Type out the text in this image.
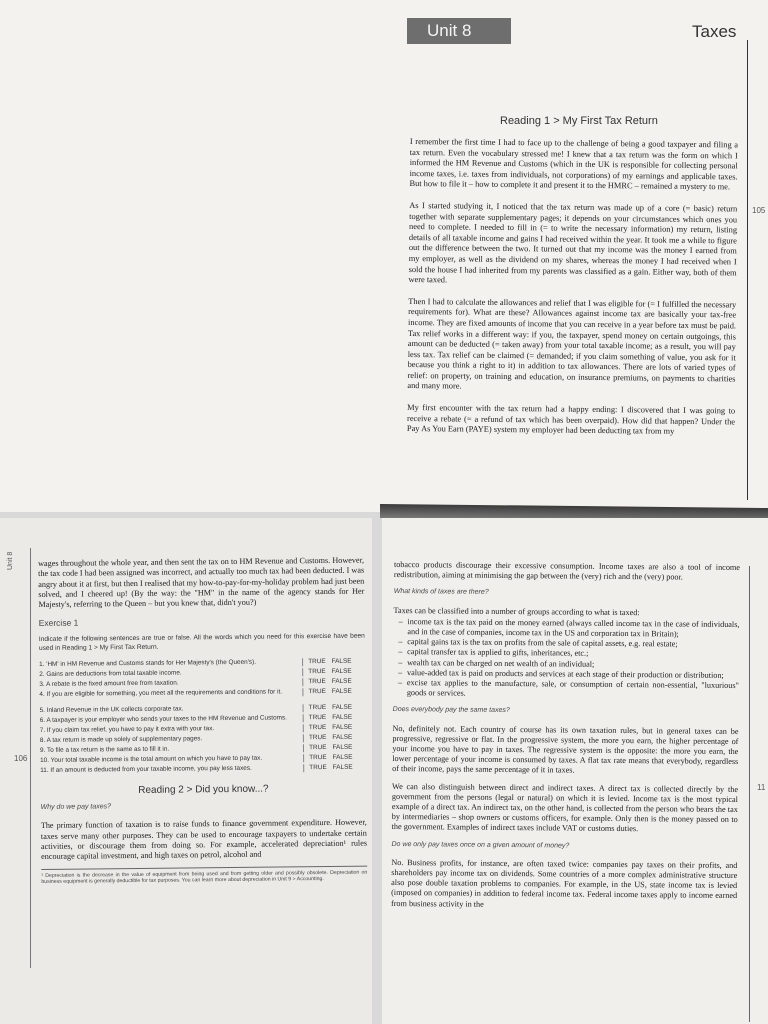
Unit 8	Taxes
105
Reading 1 > My First Tax Return

I remember the first time I had to face up to the challenge of being a good taxpayer and filing a tax return. Even the vocabulary stressed me! I knew that a tax return was the form on which I informed the HM Revenue and Customs (which in the UK is responsible for collecting personal income taxes, i.e. taxes from individuals, not corporations) of my earnings and applicable taxes. But how to file it – how to complete it and present it to the HMRC – remained a mystery to me.

As I started studying it, I noticed that the tax return was made up of a core (= basic) return together with separate supplementary pages; it depends on your circumstances which ones you need to complete. I needed to fill in (= to write the necessary information) my return, listing details of all taxable income and gains I had received within the year. It took me a while to figure out the difference between the two. It turned out that my income was the money I earned from my employer, as well as the dividend on my shares, whereas the money I had received when I sold the house I had inherited from my parents was classified as a gain. Either way, both of them were taxed.

Then I had to calculate the allowances and relief that I was eligible for (= I fulfilled the necessary requirements for). What are these? Allowances against income tax are basically your tax-free income. They are fixed amounts of income that you can receive in a year before tax must be paid. Tax relief works in a different way: if you, the taxpayer, spend money on certain outgoings, this amount can be deducted (= taken away) from your total taxable income; as a result, you will pay less tax. Tax relief can be claimed (= demanded; if you claim something of value, you ask for it because you think a right to it) in addition to tax allowances. There are lots of varied types of relief: on property, on training and education, on insurance premiums, on payments to charities and many more.

My first encounter with the tax return had a happy ending: I discovered that I was going to receive a rebate (= a refund of tax which has been overpaid). How did that happen? Under the Pay As You Earn (PAYE) system my employer had been deducting tax from my

Unit 8
106

wages throughout the whole year, and then sent the tax on to HM Revenue and Customs. However, the tax code I had been assigned was incorrect, and actually too much tax had been deducted. I was angry about it at first, but then I realised that my how-to-pay-for-my-holiday problem had just been solved, and I cheered up! (By the way: the "HM" in the name of the agency stands for Her Majesty's, referring to the Queen – but you knew that, didn't you?)

Exercise 1
Indicate if the following sentences are true or false. All the words which you need for this exercise have been used in Reading 1 > My First Tax Return.
1. 'HM' in HM Revenue and Customs stands for Her Majesty's (the Queen's).	TRUE FALSE
2. Gains are deductions from total taxable income.	TRUE FALSE
3. A rebate is the fixed amount free from taxation.	TRUE FALSE
4. If you are eligible for something, you meet all the requirements and conditions for it.	TRUE FALSE
5. Inland Revenue in the UK collects corporate tax.	TRUE FALSE
6. A taxpayer is your employer who sends your taxes to the HM Revenue and Customs.	TRUE FALSE
7. If you claim tax relief, you have to pay it extra with your tax.	TRUE FALSE
8. A tax return is made up solely of supplementary pages.	TRUE FALSE
9. To file a tax return is the same as to fill it in.	TRUE FALSE
10. Your total taxable income is the total amount on which you have to pay tax.	TRUE FALSE
11. If an amount is deducted from your taxable income, you pay less taxes.	TRUE FALSE
Reading 2 > Did you know...?
Why do we pay taxes?

The primary function of taxation is to raise funds to finance government expenditure. However, taxes serve many other purposes. They can be used to encourage taxpayers to undertake certain activities, or discourage them from doing so. For example, accelerated depreciation¹ rules encourage capital investment, and high taxes on petrol, alcohol and

¹ Depreciation is the decrease in the value of equipment from being used and from getting older and possibly obsolete. Depreciation on business equipment is generally deductible for tax purposes. You can learn more about depreciation in Unit 9 > Accounting.
11

tobacco products discourage their excessive consumption. Income taxes are also a tool of income redistribution, aiming at minimising the gap between the (very) rich and the (very) poor.

What kinds of taxes are there?

Taxes can be classified into a number of groups according to what is taxed:

– income tax is the tax paid on the money earned (always called income tax in the case of individuals, and in the case of companies, income tax in the US and corporation tax in Britain);
– capital gains tax is the tax on profits from the sale of capital assets, e.g. real estate;
– capital transfer tax is applied to gifts, inheritances, etc.;
– wealth tax can be charged on net wealth of an individual;
– value-added tax is paid on products and services at each stage of their production or distribution;
– excise tax applies to the manufacture, sale, or consumption of certain non-essential, "luxurious" goods or services.
Does everybody pay the same taxes?

No, definitely not. Each country of course has its own taxation rules, but in general taxes can be progressive, regressive or flat. In the progressive system, the more you earn, the higher percentage of your income you have to pay in taxes. The regressive system is the opposite: the more you earn, the lower percentage of your income is consumed by taxes. A flat tax rate means that everybody, regardless of their income, pays the same percentage of it in taxes.

We can also distinguish between direct and indirect taxes. A direct tax is collected directly by the government from the persons (legal or natural) on which it is levied. Income tax is the most typical example of a direct tax. An indirect tax, on the other hand, is collected from the person who bears the tax by intermediaries – shop owners or customs officers, for example. Only then is the money passed on to the government. Examples of indirect taxes include VAT or customs duties.

Do we only pay taxes once on a given amount of money?

No. Business profits, for instance, are often taxed twice: companies pay taxes on their profits, and shareholders pay income tax on dividends. Some countries of a more complex administrative structure also pose double taxation problems to companies. For example, in the US, state income tax is levied (imposed on companies) in addition to federal income tax. Federal income taxes apply to income earned from business activity in the
